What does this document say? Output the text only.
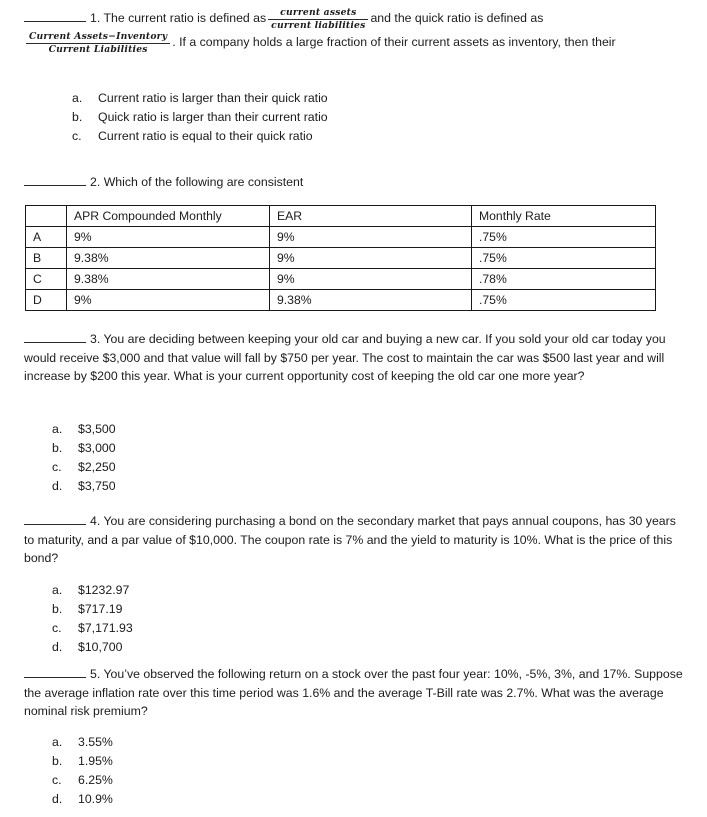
1. The current ratio is defined as $\frac{\text{current assets}}{\text{current liabilities}}$ and the quick ratio is defined as
$\frac{\text{Current Assets−Inventory}}{\text{Current Liabilities}}$ . If a company holds a large fraction of their current assets as inventory, then their
a.	Current ratio is larger than their quick ratio
b.	Quick ratio is larger than their current ratio
c.	Current ratio is equal to their quick ratio
2. Which of the following are consistent
	APR Compounded Monthly	EAR	Monthly Rate
A	9%	9%	.75%
B	9.38%	9%	.75%
C	9.38%	9%	.78%
D	9%	9.38%	.75%
3. You are deciding between keeping your old car and buying a new car. If you sold your old car today you would receive $3,000 and that value will fall by $750 per year. The cost to maintain the car was $500 last year and will increase by $200 this year. What is your current opportunity cost of keeping the old car one more year?
a.	$3,500
b.	$3,000
c.	$2,250
d.	$3,750
4. You are considering purchasing a bond on the secondary market that pays annual coupons, has 30 years to maturity, and a par value of $10,000. The coupon rate is 7% and the yield to maturity is 10%. What is the price of this bond?
a.	$1232.97
b.	$717.19
c.	$7,171.93
d.	$10,700
5. You’ve observed the following return on a stock over the past four year: 10%, -5%, 3%, and 17%. Suppose the average inflation rate over this time period was 1.6% and the average T-Bill rate was 2.7%. What was the average nominal risk premium?
a.	3.55%
b.	1.95%
c.	6.25%
d.	10.9%
